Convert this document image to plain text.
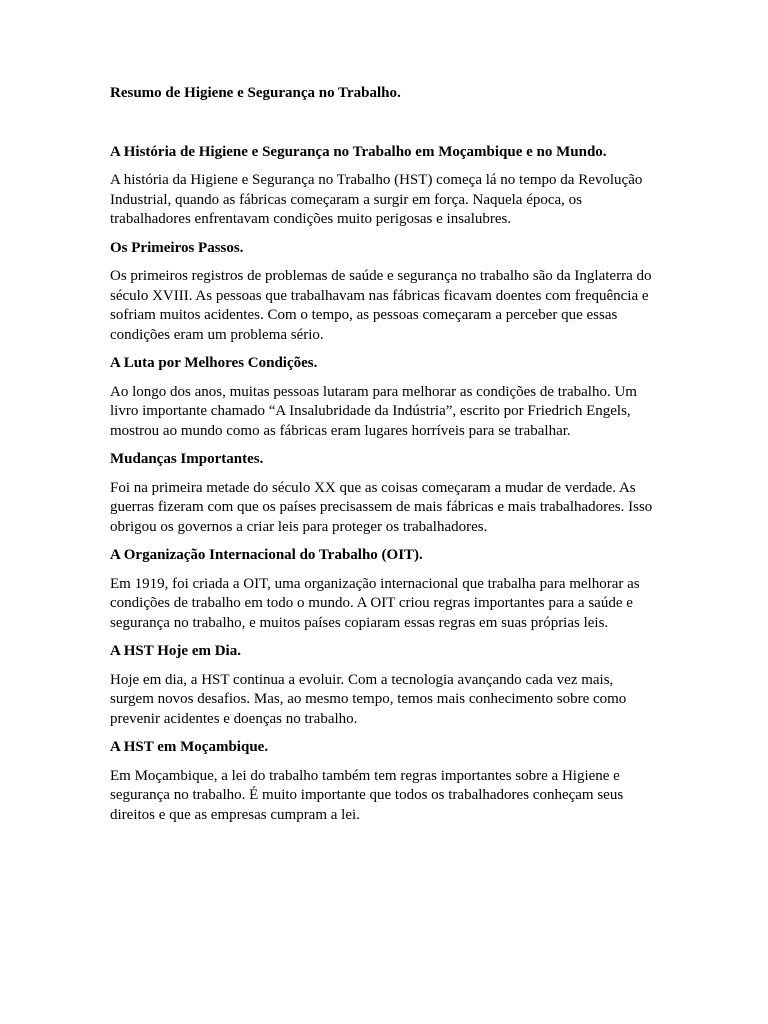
Resumo de Higiene e Segurança no Trabalho.

A História de Higiene e Segurança no Trabalho em Moçambique e no Mundo.

A história da Higiene e Segurança no Trabalho (HST) começa lá no tempo da Revolução Industrial, quando as fábricas começaram a surgir em força. Naquela época, os trabalhadores enfrentavam condições muito perigosas e insalubres.

Os Primeiros Passos.

Os primeiros registros de problemas de saúde e segurança no trabalho são da Inglaterra do século XVIII. As pessoas que trabalhavam nas fábricas ficavam doentes com frequência e sofriam muitos acidentes. Com o tempo, as pessoas começaram a perceber que essas condições eram um problema sério.

A Luta por Melhores Condições.

Ao longo dos anos, muitas pessoas lutaram para melhorar as condições de trabalho. Um livro importante chamado “A Insalubridade da Indústria”, escrito por Friedrich Engels, mostrou ao mundo como as fábricas eram lugares horríveis para se trabalhar.

Mudanças Importantes.

Foi na primeira metade do século XX que as coisas começaram a mudar de verdade. As guerras fizeram com que os países precisassem de mais fábricas e mais trabalhadores. Isso obrigou os governos a criar leis para proteger os trabalhadores.

A Organização Internacional do Trabalho (OIT).

Em 1919, foi criada a OIT, uma organização internacional que trabalha para melhorar as condições de trabalho em todo o mundo. A OIT criou regras importantes para a saúde e segurança no trabalho, e muitos países copiaram essas regras em suas próprias leis.

A HST Hoje em Dia.

Hoje em dia, a HST continua a evoluir. Com a tecnologia avançando cada vez mais, surgem novos desafios. Mas, ao mesmo tempo, temos mais conhecimento sobre como prevenir acidentes e doenças no trabalho.

A HST em Moçambique.

Em Moçambique, a lei do trabalho também tem regras importantes sobre a Higiene e segurança no trabalho. É muito importante que todos os trabalhadores conheçam seus direitos e que as empresas cumpram a lei.
